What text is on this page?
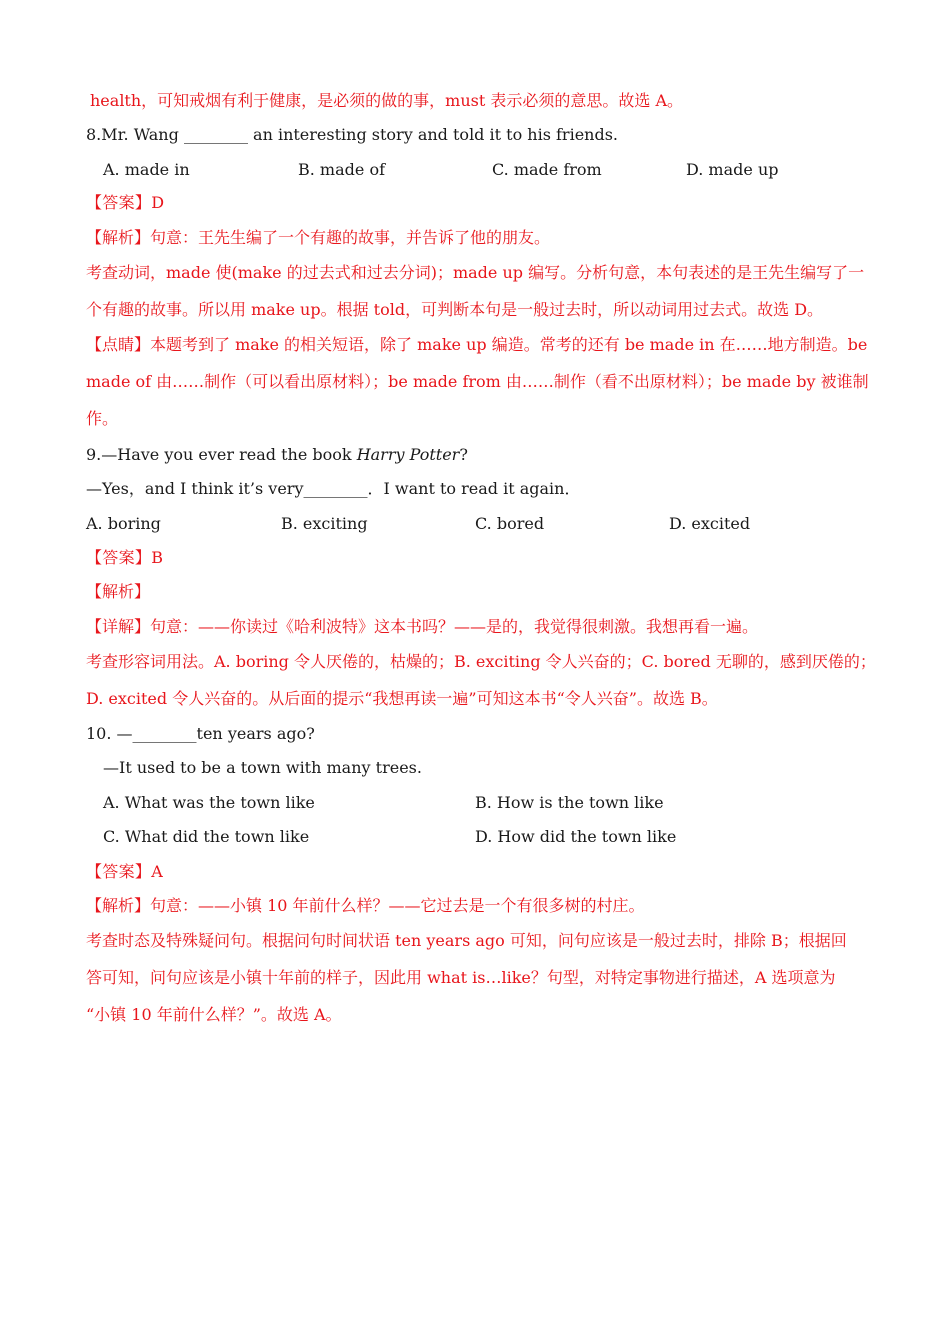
health，可知戒烟有利于健康，是必须的做的事，must 表示必须的意思。故选 A。
8.Mr. Wang ________ an interesting story and told it to his friends.
A. made in	B. made of	C. made from	D. made up
【答案】D
【解析】句意：王先生编了一个有趣的故事，并告诉了他的朋友。
考查动词，made 使(make 的过去式和过去分词)；made up 编写。分析句意，本句表述的是王先生编写了一
个有趣的故事。所以用 make up。根据 told，可判断本句是一般过去时，所以动词用过去式。故选 D。
【点睛】本题考到了 make 的相关短语，除了 make up 编造。常考的还有 be made in 在……地方制造。be
made of 由……制作（可以看出原材料）；be made from 由……制作（看不出原材料）；be made by 被谁制
作。
9.—Have you ever read the book Harry Potter?
—Yes，and I think it’s very________．I want to read it again．
A. boring	B. exciting	C. bored	D. excited
【答案】B
【解析】
【详解】句意：——你读过《哈利波特》这本书吗？——是的，我觉得很刺激。我想再看一遍。
考查形容词用法。A. boring 令人厌倦的，枯燥的；B. exciting 令人兴奋的；C. bored 无聊的，感到厌倦的；
D. excited 令人兴奋的。从后面的提示“我想再读一遍”可知这本书“令人兴奋”。故选 B。
10. —________ten years ago?
—It used to be a town with many trees.
A. What was the town like	B. How is the town like
C. What did the town like	D. How did the town like
【答案】A
【解析】句意：——小镇 10 年前什么样？——它过去是一个有很多树的村庄。
考查时态及特殊疑问句。根据问句时间状语 ten years ago 可知，问句应该是一般过去时，排除 B；根据回
答可知，问句应该是小镇十年前的样子，因此用 what is…like？句型，对特定事物进行描述，A 选项意为
“小镇 10 年前什么样？”。故选 A。
